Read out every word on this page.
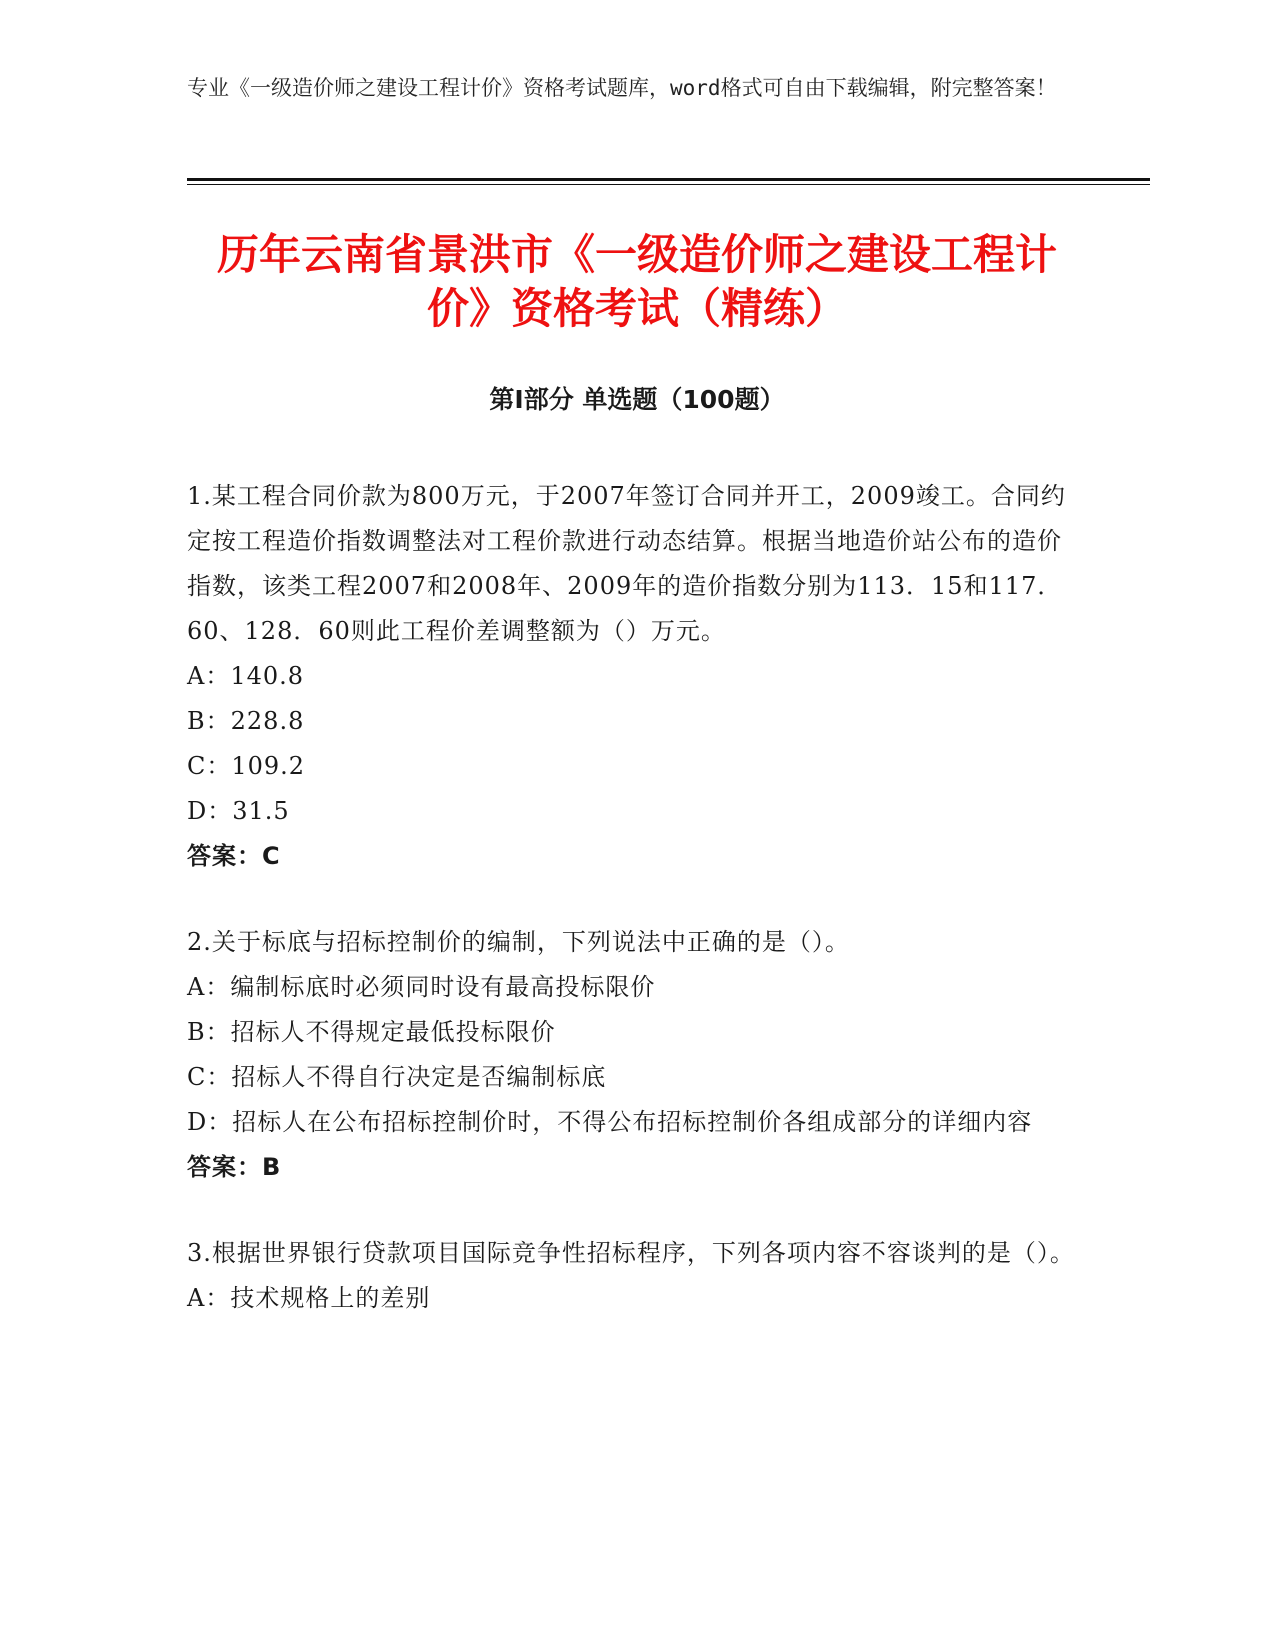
专业《一级造价师之建设工程计价》资格考试题库，word格式可自由下载编辑，附完整答案！
历年云南省景洪市《一级造价师之建设工程计价》资格考试（精练）
第Ⅰ部分 单选题（100题）
1.某工程合同价款为800万元，于2007年签订合同并开工，2009竣工。合同约定按工程造价指数调整法对工程价款进行动态结算。根据当地造价站公布的造价指数，该类工程2007和2008年、2009年的造价指数分别为113．15和117．60、128．60则此工程价差调整额为（）万元。
A：140.8
B：228.8
C：109.2
D：31.5
答案：C
2.关于标底与招标控制价的编制，下列说法中正确的是（）。
A：编制标底时必须同时设有最高投标限价
B：招标人不得规定最低投标限价
C：招标人不得自行决定是否编制标底
D：招标人在公布招标控制价时，不得公布招标控制价各组成部分的详细内容
答案：B
3.根据世界银行贷款项目国际竞争性招标程序，下列各项内容不容谈判的是（）。
A：技术规格上的差别
